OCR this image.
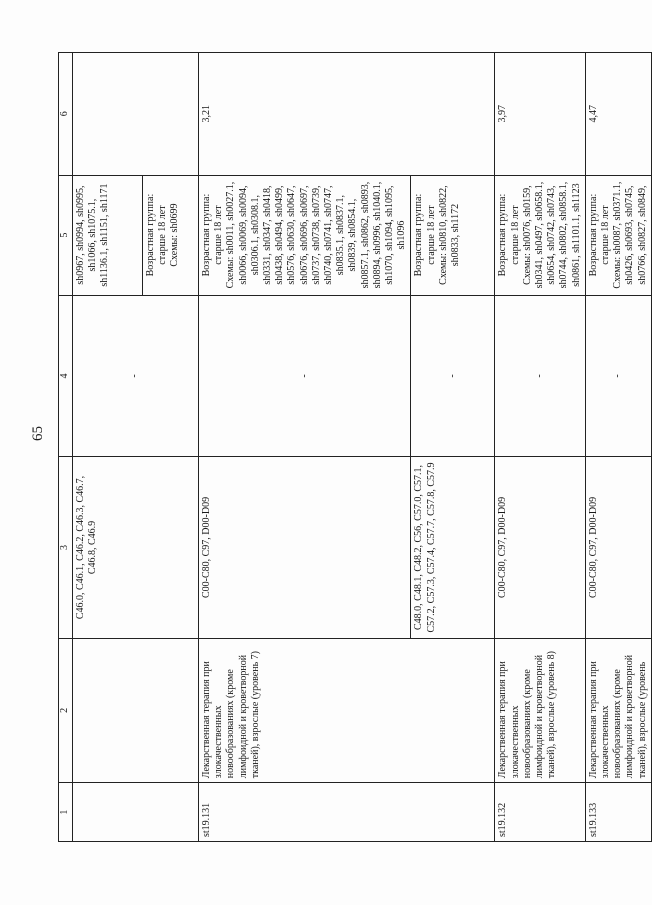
65
1	2	3	4	5	6
		C46.0, C46.1, C46.2, C46.3, C46.7, C46.8, C46.9	-	sh0967, sh0994, sh0995, sh1066, sh1075.1, sh1136.1, sh1151, sh1171	
				Возрастная группа: старше 18 лет
Схемы: sh0699	
st19.131	Лекарственная терапия при злокачественных новообразованиях (кроме лимфоидной и кроветворной тканей), взрослые (уровень 7)	C00-C80, C97, D00-D09	-	Возрастная группа: старше 18 лет
Схемы: sh0011, sh0027.1, sh0066, sh0069, sh0094, sh0306.1, sh0308.1, sh0331, sh0347, sh0418, sh0438, sh0494, sh0499, sh0576, sh0630, sh0647, sh0676, sh0696, sh0697, sh0737, sh0738, sh0739, sh0740, sh0741, sh0747, sh0835.1, sh0837.1, sh0839, sh0854.1, sh0857.1, sh0862, sh0893, sh0894, sh0996, sh1040.1, sh1070, sh1094, sh1095, sh1096	3,21
		C48.0, C48.1, C48.2, C56, C57.0, C57.1, C57.2, C57.3, C57.4, C57.7, C57.8, C57.9	-	Возрастная группа: старше 18 лет
Схемы: sh0810, sh0822, sh0833, sh1172	
st19.132	Лекарственная терапия при злокачественных новообразованиях (кроме лимфоидной и кроветворной тканей), взрослые (уровень 8)	C00-C80, C97, D00-D09	-	Возрастная группа: старше 18 лет
Схемы: sh0076, sh0159, sh0341, sh0497, sh0658.1, sh0654, sh0742, sh0743, sh0744, sh0802, sh0858.1, sh0861, sh1101.1, sh1123	3,97
st19.133	Лекарственная терапия при злокачественных новообразованиях (кроме лимфоидной и кроветворной тканей), взрослые (уровень	C00-C80, C97, D00-D09	-	Возрастная группа: старше 18 лет
Схемы: sh0087, sh0371.1, sh0426, sh0693, sh0745, sh0766, sh0827, sh0849,	4,47
